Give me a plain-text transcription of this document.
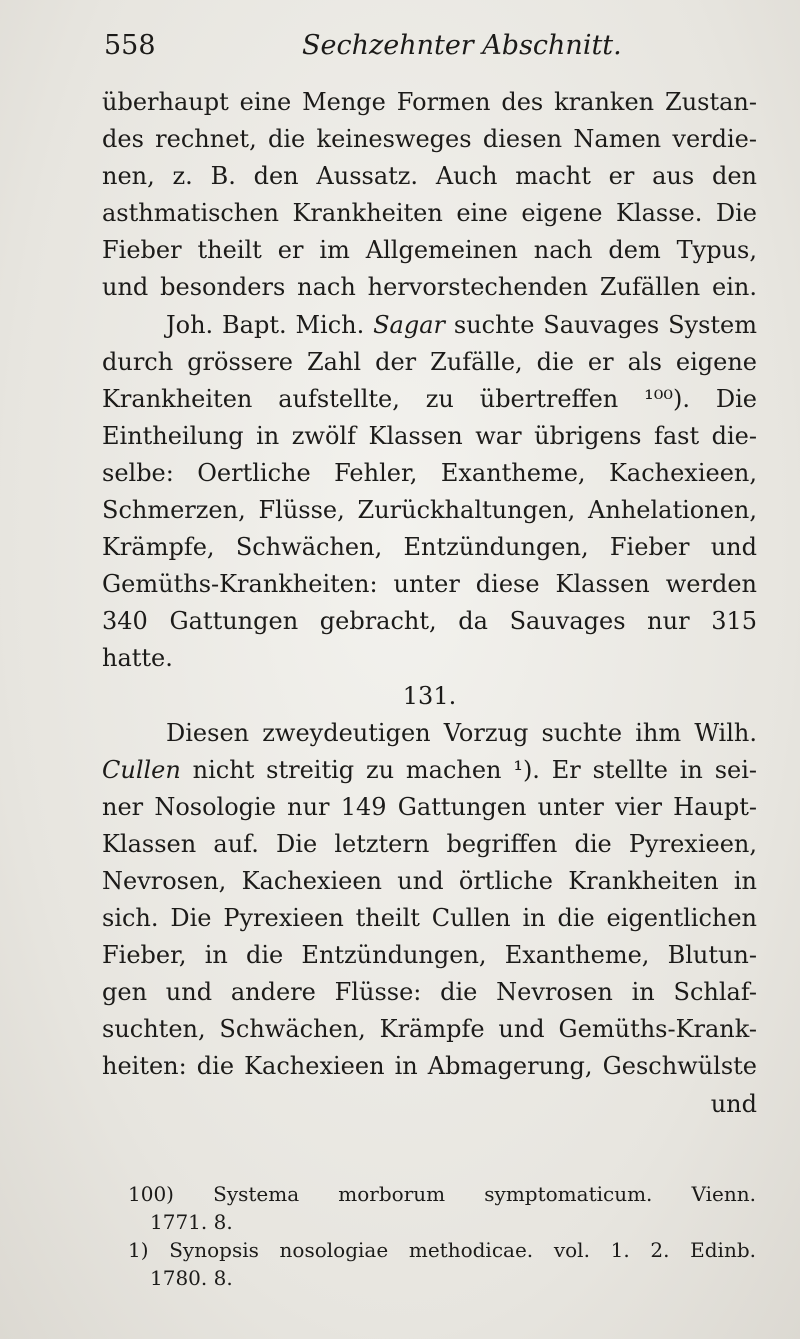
558	Sechzehnter Abschnitt.
überhaupt eine Menge Formen des kranken Zustan-
des rechnet, die keinesweges diesen Namen verdie-
nen, z. B. den Aussatz. Auch macht er aus den
asthmatischen Krankheiten eine eigene Klasse. Die
Fieber theilt er im Allgemeinen nach dem Typus,
und besonders nach hervorstechenden Zufällen ein.
Joh. Bapt. Mich. Sagar suchte Sauvages System
durch grössere Zahl der Zufälle, die er als eigene
Krankheiten aufstellte, zu übertreffen ¹⁰⁰). Die
Eintheilung in zwölf Klassen war übrigens fast die-
selbe: Oertliche Fehler, Exantheme, Kachexieen,
Schmerzen, Flüsse, Zurückhaltungen, Anhelationen,
Krämpfe, Schwächen, Entzündungen, Fieber und
Gemüths-Krankheiten: unter diese Klassen werden
340 Gattungen gebracht, da Sauvages nur 315
hatte.
131.
Diesen zweydeutigen Vorzug suchte ihm Wilh.
Cullen nicht streitig zu machen ¹). Er stellte in sei-
ner Nosologie nur 149 Gattungen unter vier Haupt-
Klassen auf. Die letztern begriffen die Pyrexieen,
Nevrosen, Kachexieen und örtliche Krankheiten in
sich. Die Pyrexieen theilt Cullen in die eigentlichen
Fieber, in die Entzündungen, Exantheme, Blutun-
gen und andere Flüsse: die Nevrosen in Schlaf-
suchten, Schwächen, Krämpfe und Gemüths-Krank-
heiten: die Kachexieen in Abmagerung, Geschwülste
und
100) Systema morborum symptomaticum. Vienn.
1771. 8.
1) Synopsis nosologiae methodicae. vol. 1. 2. Edinb.
1780. 8.
